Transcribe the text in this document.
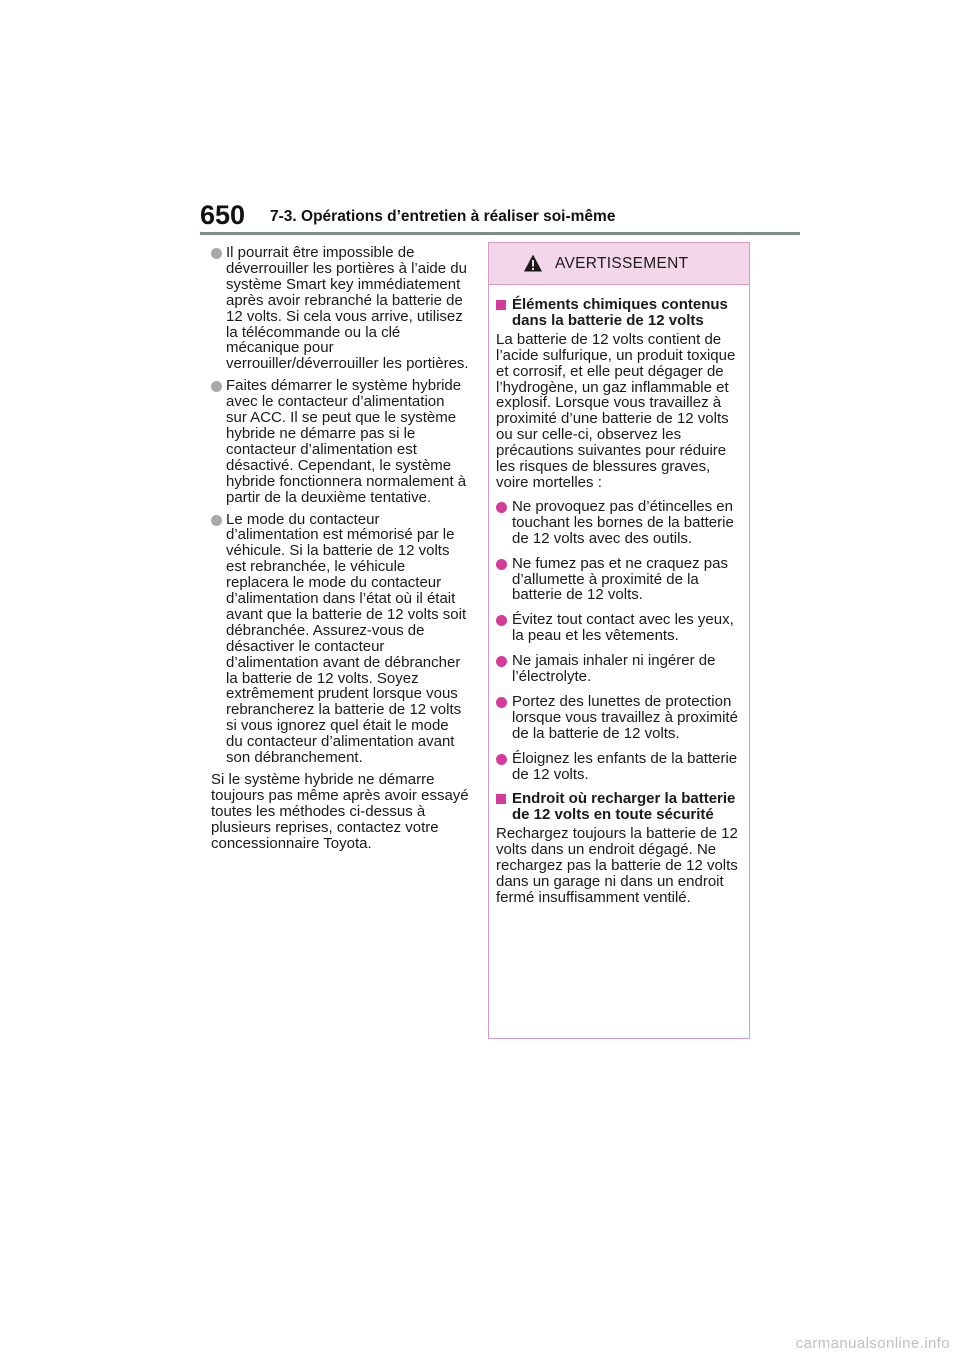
650 7-3. Opérations d’entretien à réaliser soi-même
Il pourrait être impossible de déverrouiller les portières à l’aide du système Smart key immédiatement après avoir rebranché la batterie de 12 volts. Si cela vous arrive, utilisez la télécommande ou la clé mécanique pour verrouiller/déverrouiller les portières.
Faites démarrer le système hybride avec le contacteur d’alimentation sur ACC. Il se peut que le système hybride ne démarre pas si le contacteur d’alimentation est désactivé. Cependant, le système hybride fonctionnera normalement à partir de la deuxième tentative.
Le mode du contacteur d’alimentation est mémorisé par le véhicule. Si la batterie de 12 volts est rebranchée, le véhicule replacera le mode du contacteur d’alimentation dans l’état où il était avant que la batterie de 12 volts soit débranchée. Assurez-vous de désactiver le contacteur d’alimentation avant de débrancher la batterie de 12 volts. Soyez extrêmement prudent lorsque vous rebrancherez la batterie de 12 volts si vous ignorez quel était le mode du contacteur d’alimentation avant son débranchement.
Si le système hybride ne démarre toujours pas même après avoir essayé toutes les méthodes ci-dessus à plusieurs reprises, contactez votre concessionnaire Toyota.
AVERTISSEMENT
Éléments chimiques contenus dans la batterie de 12 volts
La batterie de 12 volts contient de l’acide sulfurique, un produit toxique et corrosif, et elle peut dégager de l’hydrogène, un gaz inflammable et explosif. Lorsque vous travaillez à proximité d’une batterie de 12 volts ou sur celle-ci, observez les précautions suivantes pour réduire les risques de blessures graves, voire mortelles :
Ne provoquez pas d’étincelles en touchant les bornes de la batterie de 12 volts avec des outils.
Ne fumez pas et ne craquez pas d’allumette à proximité de la batterie de 12 volts.
Évitez tout contact avec les yeux, la peau et les vêtements.
Ne jamais inhaler ni ingérer de l’électrolyte.
Portez des lunettes de protection lorsque vous travaillez à proximité de la batterie de 12 volts.
Éloignez les enfants de la batterie de 12 volts.
Endroit où recharger la batterie de 12 volts en toute sécurité
Rechargez toujours la batterie de 12 volts dans un endroit dégagé. Ne rechargez pas la batterie de 12 volts dans un garage ni dans un endroit fermé insuffisamment ventilé.
carmanualsonline.info
